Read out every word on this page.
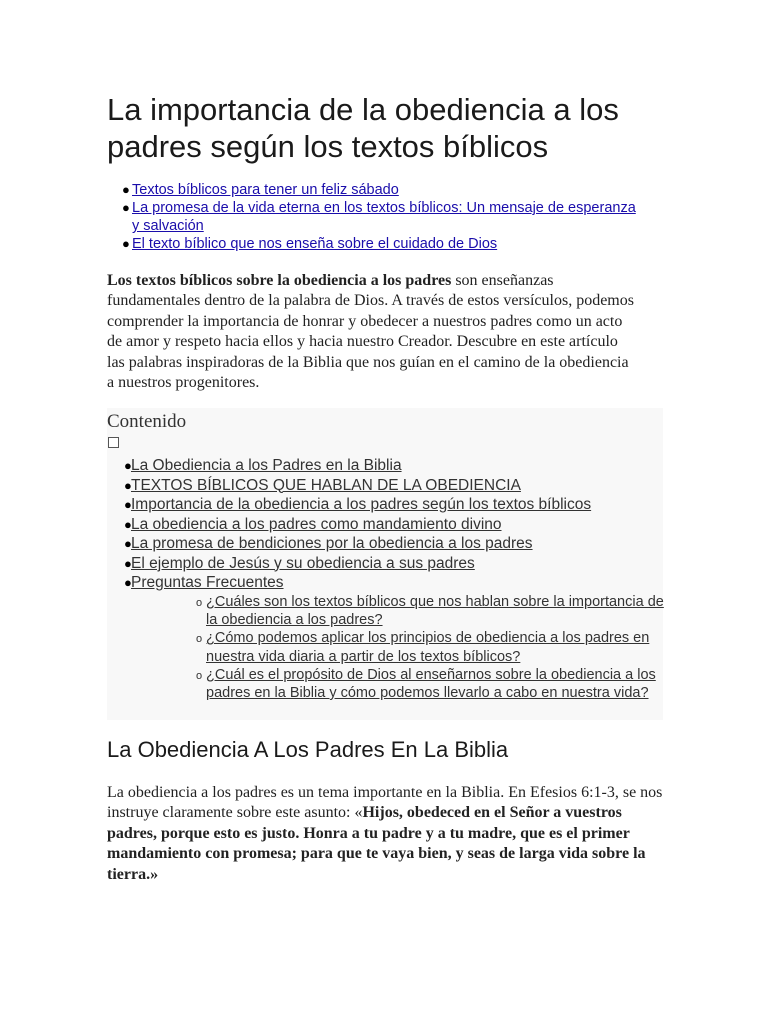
La importancia de la obediencia a los padres según los textos bíblicos
● Textos bíblicos para tener un feliz sábado
● La promesa de la vida eterna en los textos bíblicos: Un mensaje de esperanza y salvación
● El texto bíblico que nos enseña sobre el cuidado de Dios

Los textos bíblicos sobre la obediencia a los padres son enseñanzas fundamentales dentro de la palabra de Dios. A través de estos versículos, podemos comprender la importancia de honrar y obedecer a nuestros padres como un acto de amor y respeto hacia ellos y hacia nuestro Creador. Descubre en este artículo las palabras inspiradoras de la Biblia que nos guían en el camino de la obediencia a nuestros progenitores.

Contenido
● La Obediencia a los Padres en la Biblia
● TEXTOS BÍBLICOS QUE HABLAN DE LA OBEDIENCIA
● Importancia de la obediencia a los padres según los textos bíblicos
● La obediencia a los padres como mandamiento divino
● La promesa de bendiciones por la obediencia a los padres
● El ejemplo de Jesús y su obediencia a sus padres
● Preguntas Frecuentes
o ¿Cuáles son los textos bíblicos que nos hablan sobre la importancia de la obediencia a los padres?
o ¿Cómo podemos aplicar los principios de obediencia a los padres en nuestra vida diaria a partir de los textos bíblicos?
o ¿Cuál es el propósito de Dios al enseñarnos sobre la obediencia a los padres en la Biblia y cómo podemos llevarlo a cabo en nuestra vida?
La Obediencia A Los Padres En La Biblia

La obediencia a los padres es un tema importante en la Biblia. En Efesios 6:1-3, se nos instruye claramente sobre este asunto: «Hijos, obedeced en el Señor a vuestros padres, porque esto es justo. Honra a tu padre y a tu madre, que es el primer mandamiento con promesa; para que te vaya bien, y seas de larga vida sobre la tierra.»
